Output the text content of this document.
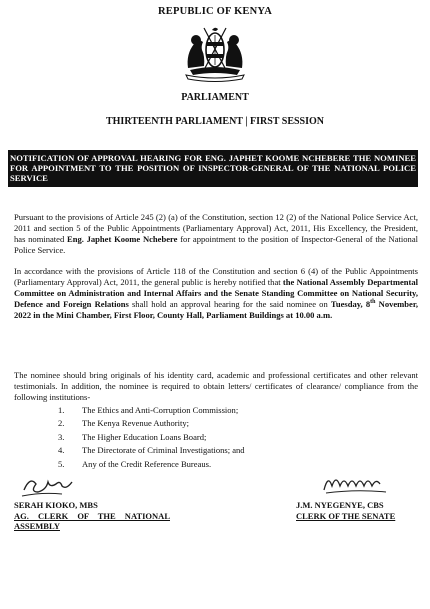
REPUBLIC OF KENYA
PARLIAMENT
THIRTEENTH PARLIAMENT | FIRST SESSION
NOTIFICATION OF APPROVAL HEARING FOR ENG. JAPHET KOOME NCHEBERE THE NOMINEE FOR APPOINTMENT TO THE POSITION OF INSPECTOR-GENERAL OF THE NATIONAL POLICE SERVICE
Pursuant to the provisions of Article 245 (2) (a) of the Constitution, section 12 (2) of the National Police Service Act, 2011 and section 5 of the Public Appointments (Parliamentary Approval) Act, 2011, His Excellency, the President, has nominated Eng. Japhet Koome Nchebere for appointment to the position of Inspector-General of the National Police Service.
In accordance with the provisions of Article 118 of the Constitution and section 6 (4) of the Public Appointments (Parliamentary Approval) Act, 2011, the general public is hereby notified that the National Assembly Departmental Committee on Administration and Internal Affairs and the Senate Standing Committee on National Security, Defence and Foreign Relations shall hold an approval hearing for the said nominee on Tuesday, 8th November, 2022 in the Mini Chamber, First Floor, County Hall, Parliament Buildings at 10.00 a.m.
The nominee should bring originals of his identity card, academic and professional certificates and other relevant testimonials. In addition, the nominee is required to obtain letters/ certificates of clearance/ compliance from the following institutions-
1.	The Ethics and Anti-Corruption Commission;
2.	The Kenya Revenue Authority;
3.	The Higher Education Loans Board;
4.	The Directorate of Criminal Investigations; and
5.	Any of the Credit Reference Bureaus.
SERAH KIOKO, MBS
AG. CLERK OF THE NATIONAL
ASSEMBLY
J.M. NYEGENYE, CBS
CLERK OF THE SENATE
